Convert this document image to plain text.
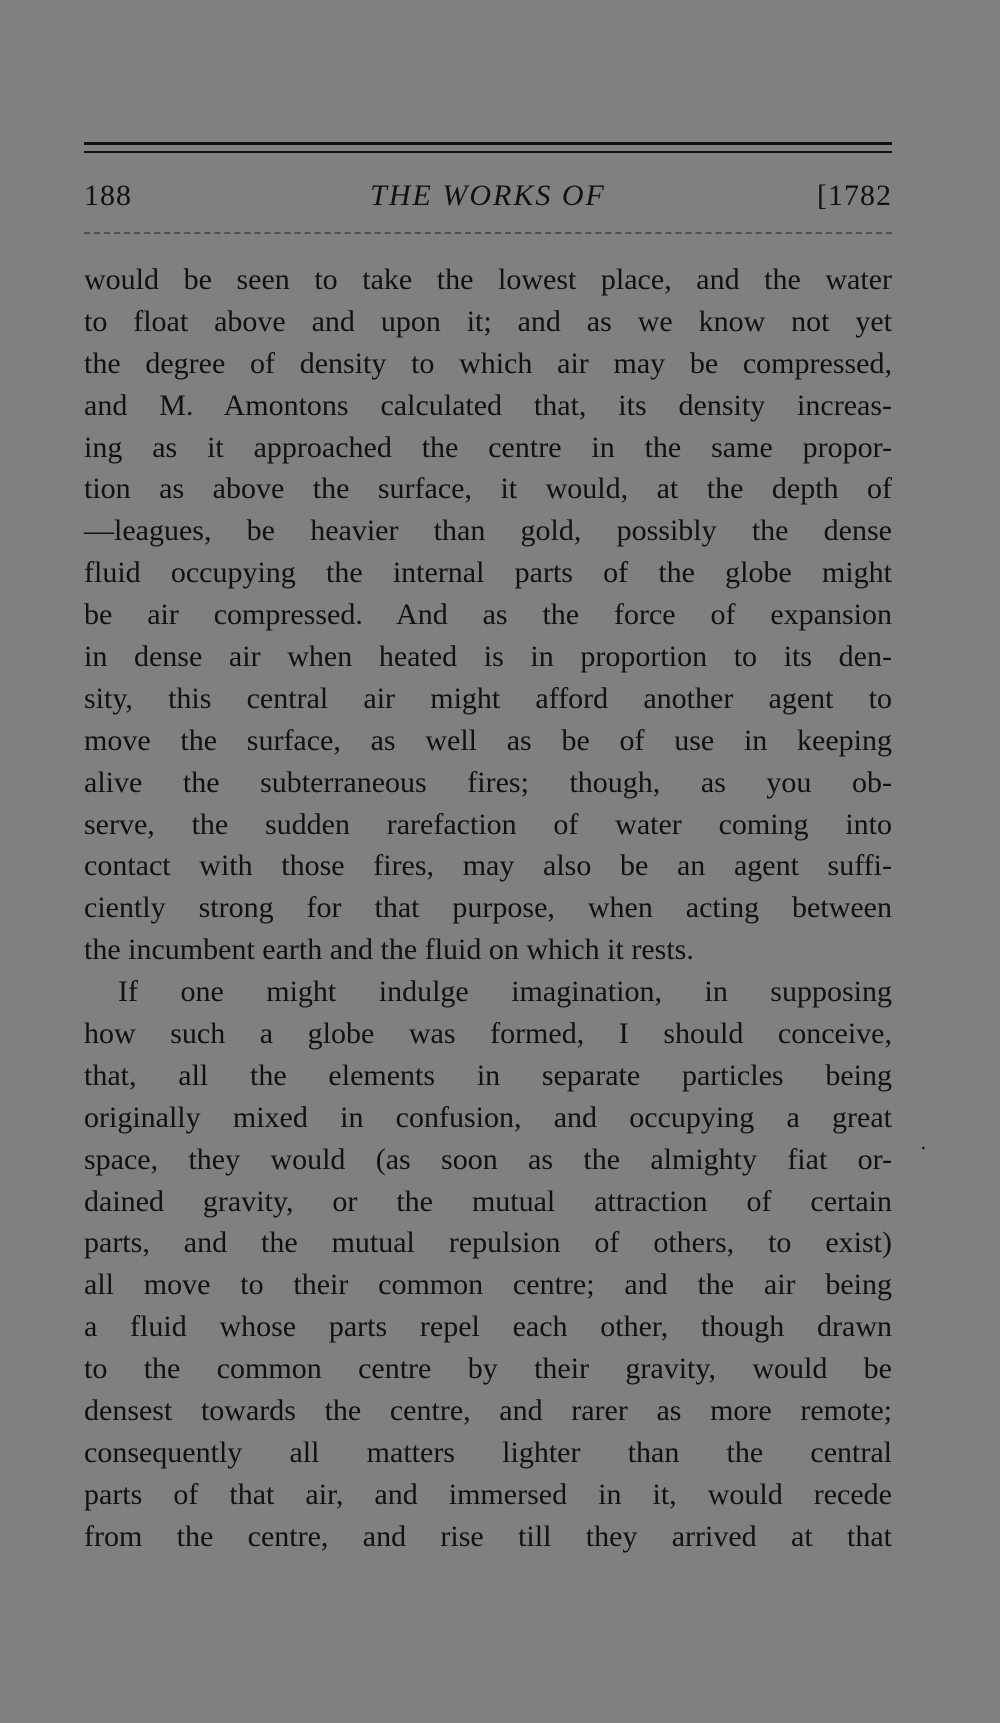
188	THE WORKS OF	[1782
would be seen to take the lowest place, and the water
to float above and upon it; and as we know not yet
the degree of density to which air may be compressed,
and M. Amontons calculated that, its density increas-
ing as it approached the centre in the same propor-
tion as above the surface, it would, at the depth of
—leagues, be heavier than gold, possibly the dense
fluid occupying the internal parts of the globe might
be air compressed. And as the force of expansion
in dense air when heated is in proportion to its den-
sity, this central air might afford another agent to
move the surface, as well as be of use in keeping
alive the subterraneous fires; though, as you ob-
serve, the sudden rarefaction of water coming into
contact with those fires, may also be an agent suffi-
ciently strong for that purpose, when acting between
the incumbent earth and the fluid on which it rests.
If one might indulge imagination, in supposing
how such a globe was formed, I should conceive,
that, all the elements in separate particles being
originally mixed in confusion, and occupying a great
space, they would (as soon as the almighty fiat or-
dained gravity, or the mutual attraction of certain
parts, and the mutual repulsion of others, to exist)
all move to their common centre; and the air being
a fluid whose parts repel each other, though drawn
to the common centre by their gravity, would be
densest towards the centre, and rarer as more remote;
consequently all matters lighter than the central
parts of that air, and immersed in it, would recede
from the centre, and rise till they arrived at that
․
